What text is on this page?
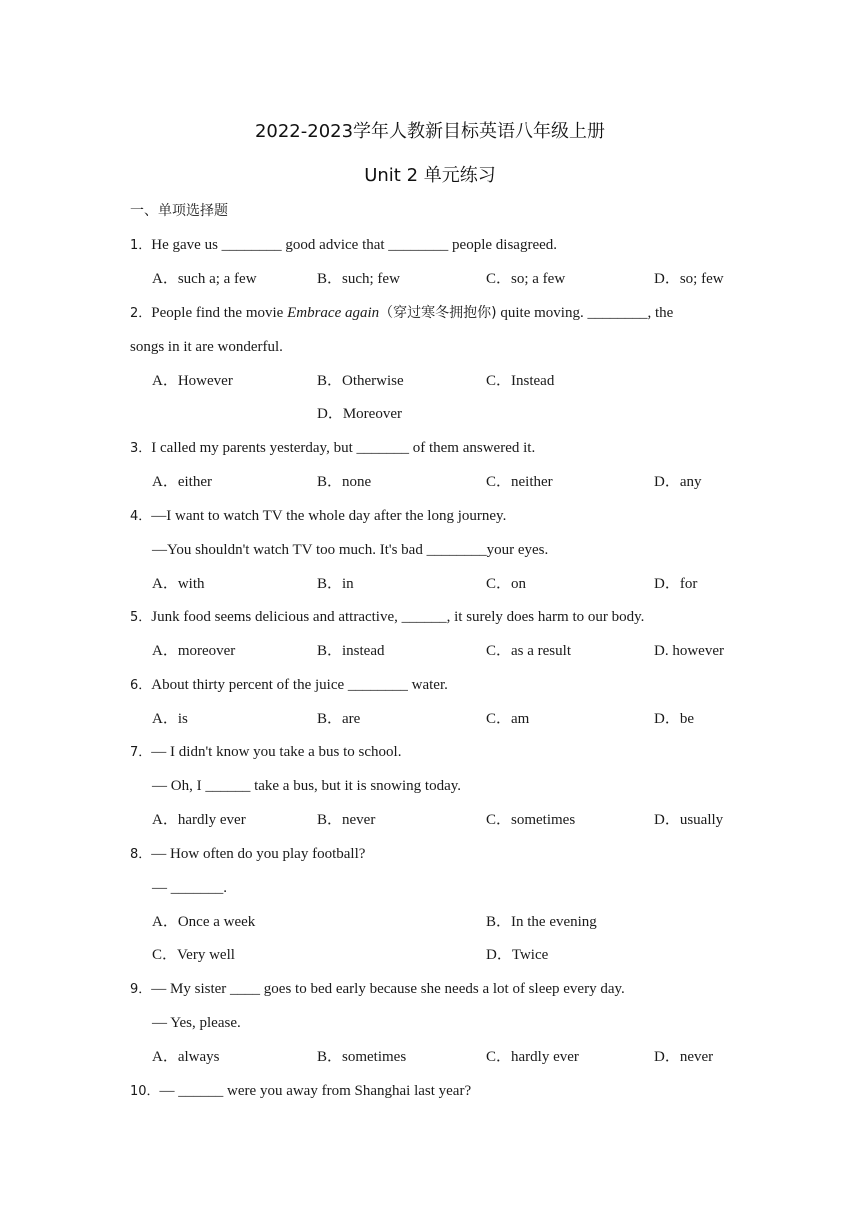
2022-2023学年人教新目标英语八年级上册
Unit 2 单元练习
一、单项选择题
1．He gave us ________ good advice that ________ people disagreed.
A．such a; a few	B．such; few	C．so; a few	D．so; few
2．People find the movie Embrace again（穿过寒冬拥抱你) quite moving. ________, the
songs in it are wonderful.
A．However	B．Otherwise	C．Instead
D．Moreover
3．I called my parents yesterday, but _______ of them answered it.
A．either	B．none	C．neither	D．any
4．—I want to watch TV the whole day after the long journey.
—You shouldn't watch TV too much. It's bad ________your eyes.
A．with	B．in	C．on	D．for
5．Junk food seems delicious and attractive, ______, it surely does harm to our body.
A．moreover	B．instead	C．as a result	D. however
6．About thirty percent of the juice ________ water.
A．is	B．are	C．am	D．be
7．— I didn't know you take a bus to school.
— Oh, I ______ take a bus, but it is snowing today.
A．hardly ever	B．never	C．sometimes	D．usually
8．— How often do you play football?
— _______.
A．Once a week	B．In the evening
C．Very well	D．Twice
9．— My sister ____ goes to bed early because she needs a lot of sleep every day.
— Yes, please.
A．always	B．sometimes	C．hardly ever	D．never
10．— ______ were you away from Shanghai last year?
